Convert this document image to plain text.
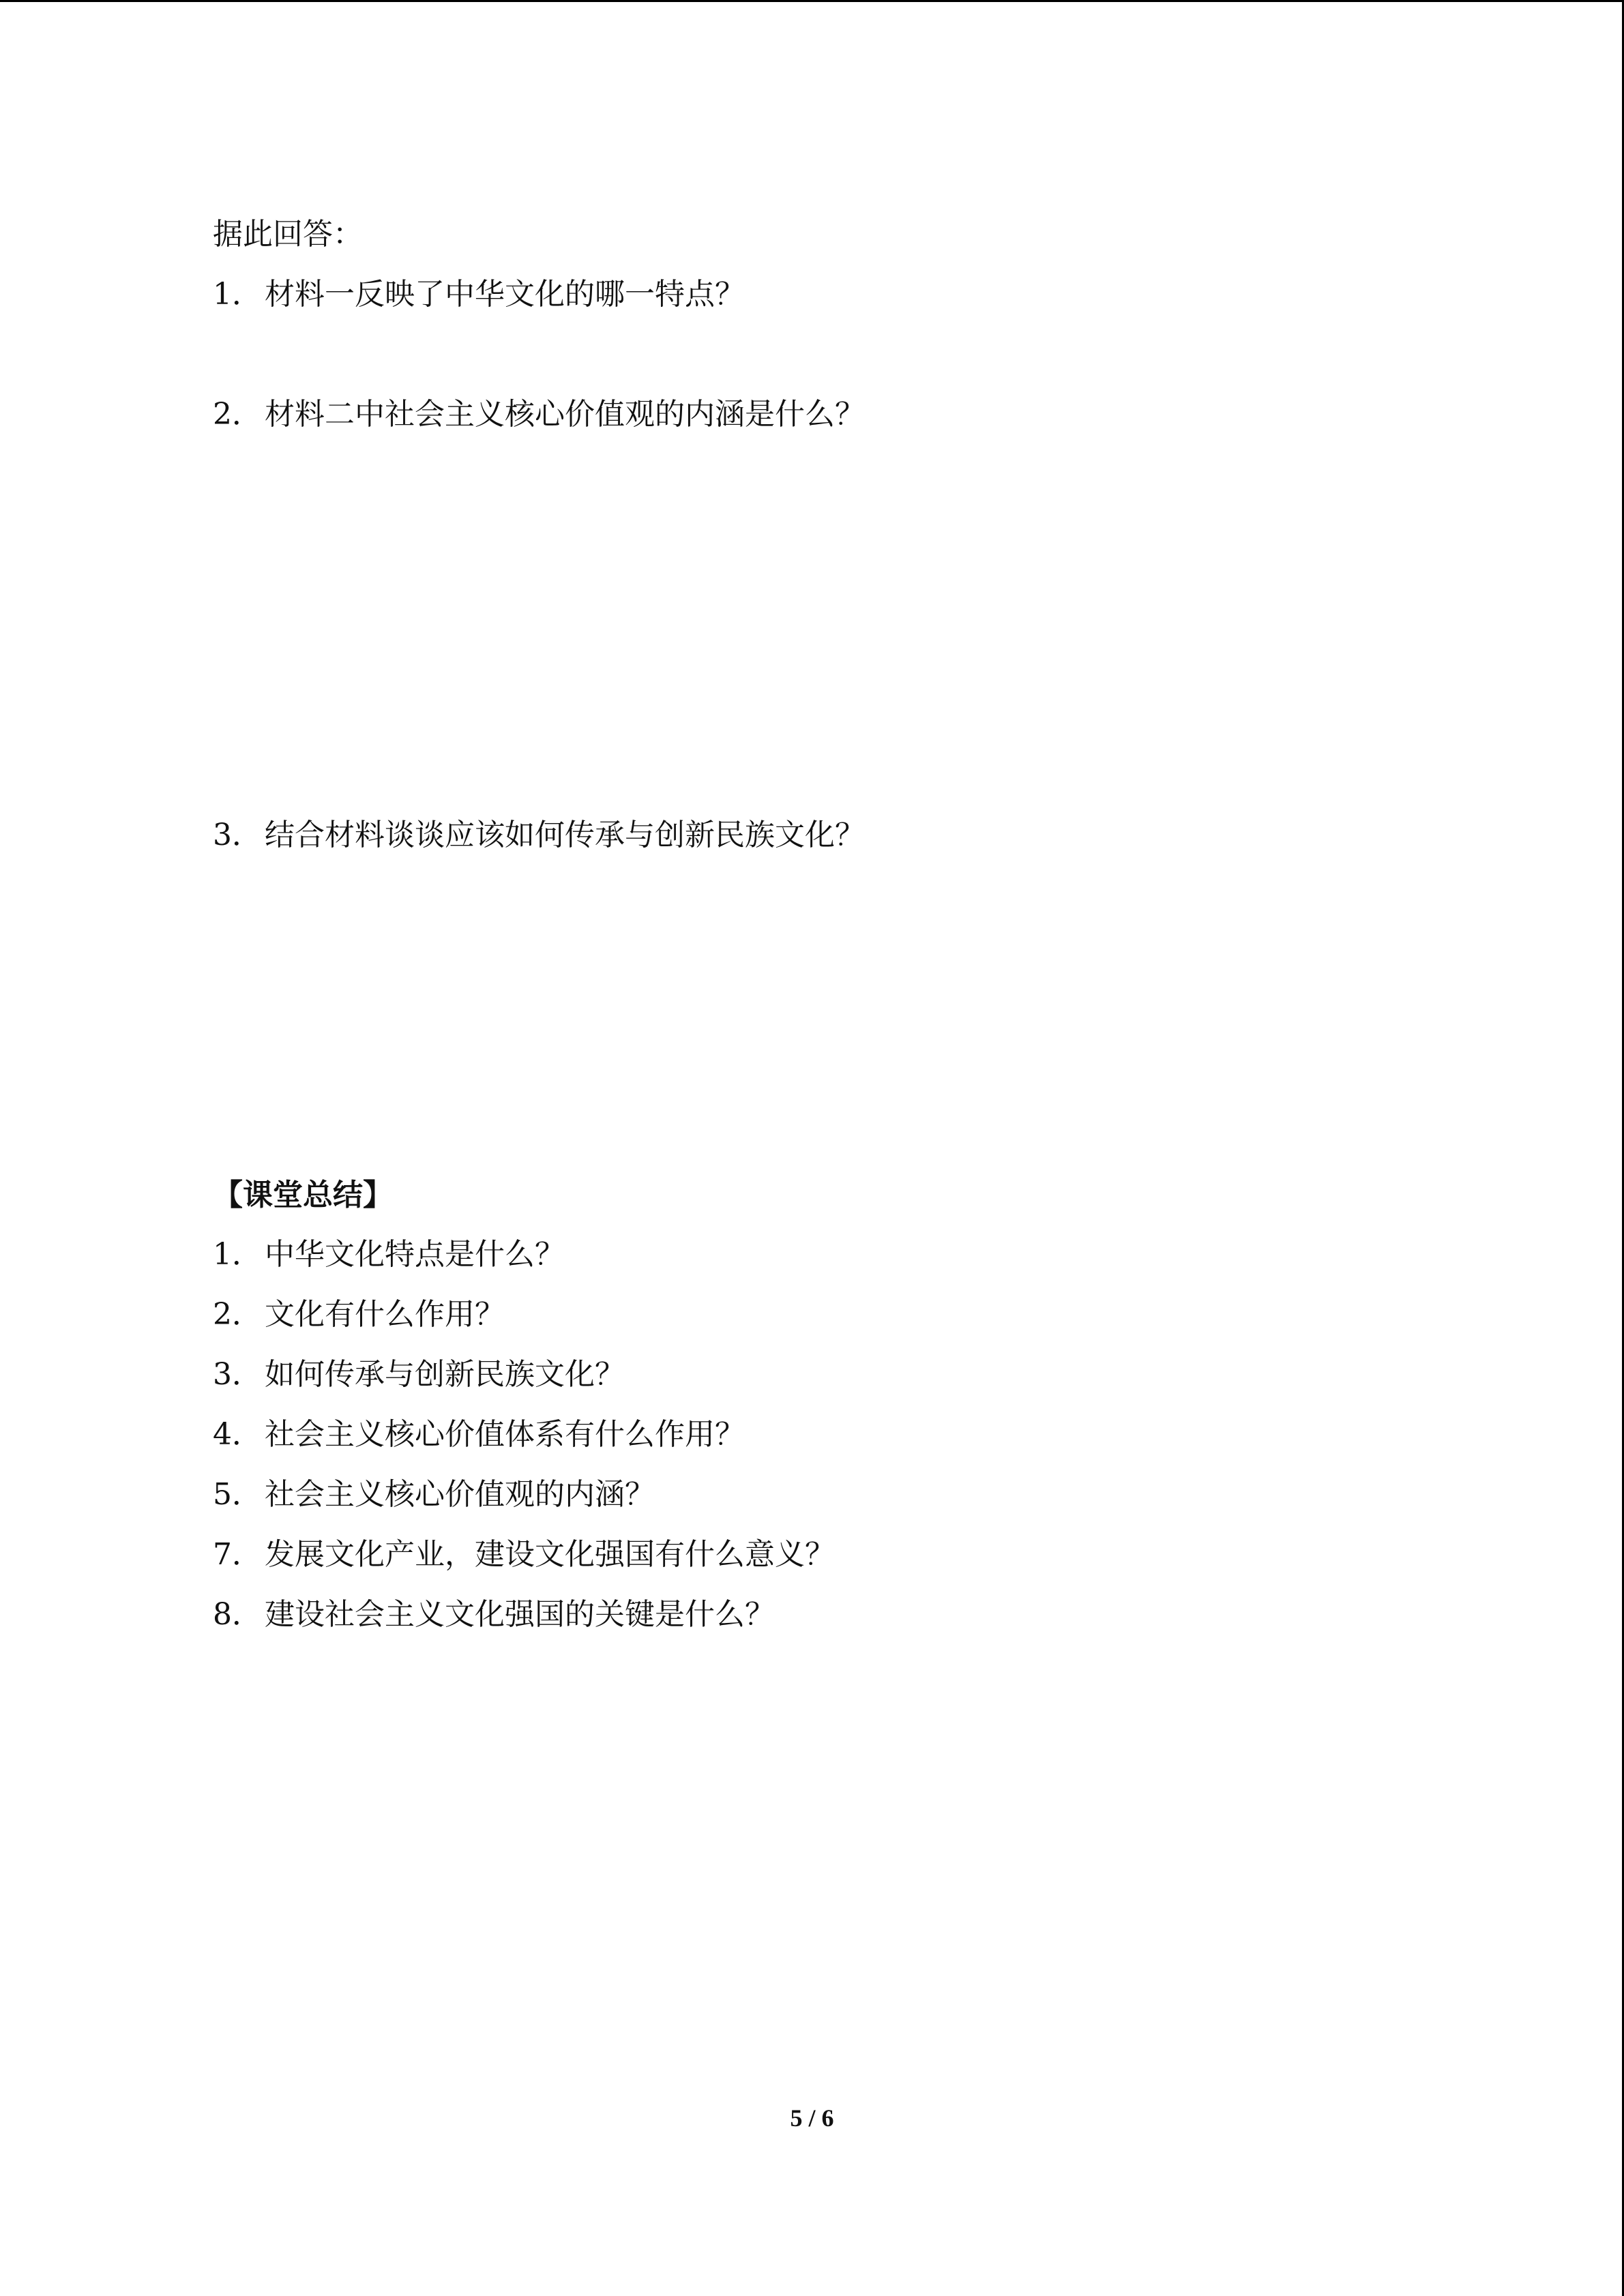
据此回答：
1．材料一反映了中华文化的哪一特点？
2．材料二中社会主义核心价值观的内涵是什么？
3．结合材料谈谈应该如何传承与创新民族文化？
【课堂总结】
1．中华文化特点是什么？
2．文化有什么作用？
3．如何传承与创新民族文化？
4．社会主义核心价值体系有什么作用？
5．社会主义核心价值观的内涵？
7．发展文化产业，建设文化强国有什么意义？
8．建设社会主义文化强国的关键是什么？
5 / 6
